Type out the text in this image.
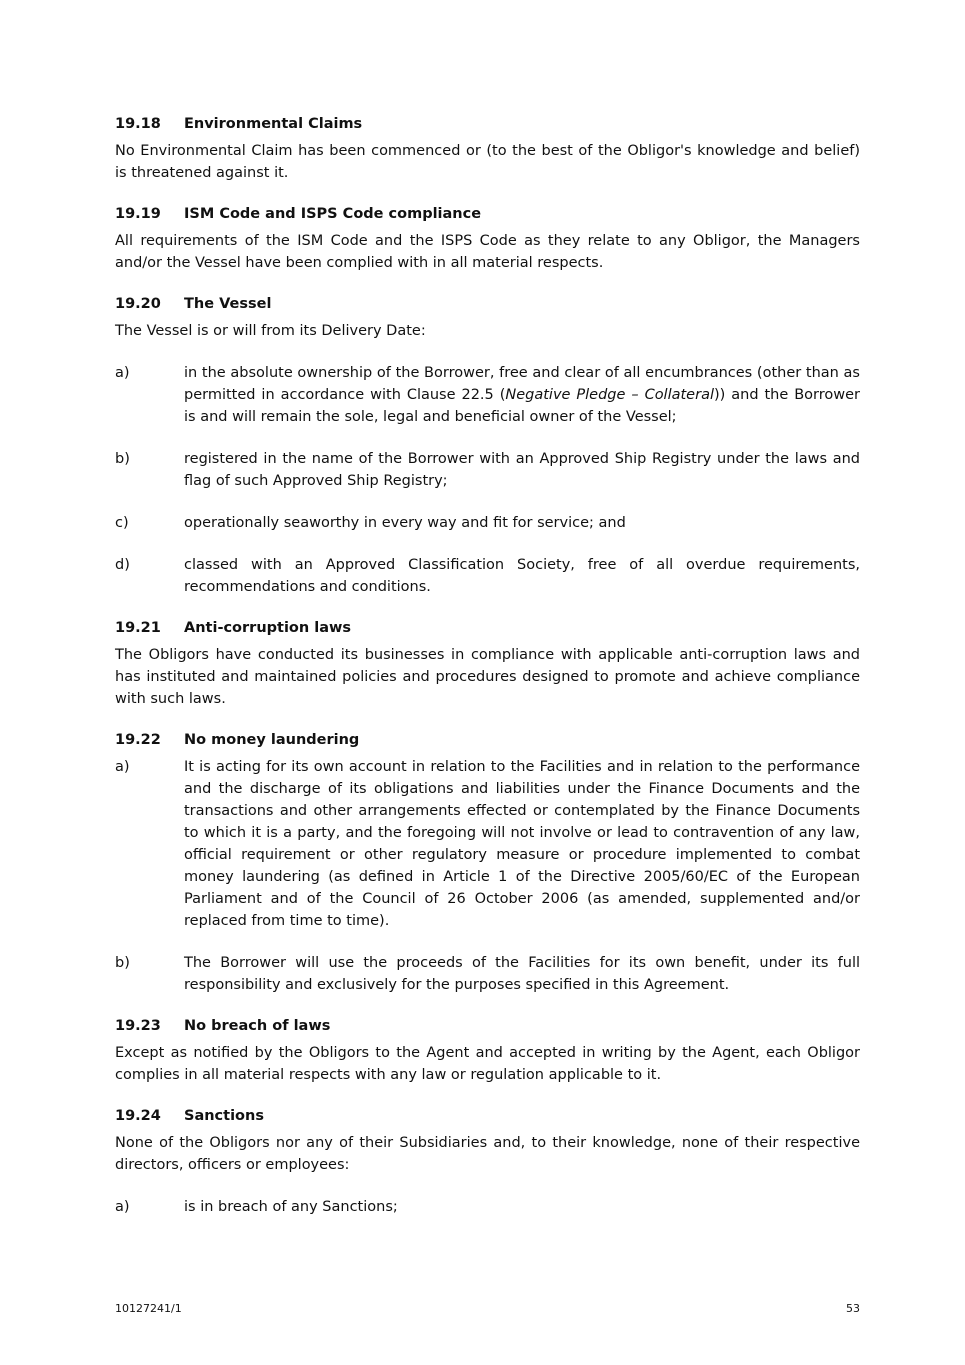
19.18	Environmental Claims

No Environmental Claim has been commenced or (to the best of the Obligor's knowledge and belief) is threatened against it.

19.19	ISM Code and ISPS Code compliance

All requirements of the ISM Code and the ISPS Code as they relate to any Obligor, the Managers and/or the Vessel have been complied with in all material respects.

19.20	The Vessel

The Vessel is or will from its Delivery Date:

a)	in the absolute ownership of the Borrower, free and clear of all encumbrances (other than as permitted in accordance with Clause 22.5 (Negative Pledge – Collateral)) and the Borrower is and will remain the sole, legal and beneficial owner of the Vessel;
b)	registered in the name of the Borrower with an Approved Ship Registry under the laws and flag of such Approved Ship Registry;
c)	operationally seaworthy in every way and fit for service; and
d)	classed with an Approved Classification Society, free of all overdue requirements, recommendations and conditions.
19.21	Anti-corruption laws

The Obligors have conducted its businesses in compliance with applicable anti-corruption laws and has instituted and maintained policies and procedures designed to promote and achieve compliance with such laws.

19.22	No money laundering
a)	It is acting for its own account in relation to the Facilities and in relation to the performance and the discharge of its obligations and liabilities under the Finance Documents and the transactions and other arrangements effected or contemplated by the Finance Documents to which it is a party, and the foregoing will not involve or lead to contravention of any law, official requirement or other regulatory measure or procedure implemented to combat money laundering (as defined in Article 1 of the Directive 2005/60/EC of the European Parliament and of the Council of 26 October 2006 (as amended, supplemented and/or replaced from time to time).
b)	The Borrower will use the proceeds of the Facilities for its own benefit, under its full responsibility and exclusively for the purposes specified in this Agreement.
19.23	No breach of laws

Except as notified by the Obligors to the Agent and accepted in writing by the Agent, each Obligor complies in all material respects with any law or regulation applicable to it.

19.24	Sanctions

None of the Obligors nor any of their Subsidiaries and, to their knowledge, none of their respective directors, officers or employees:

a)	is in breach of any Sanctions;
10127241/1	53
